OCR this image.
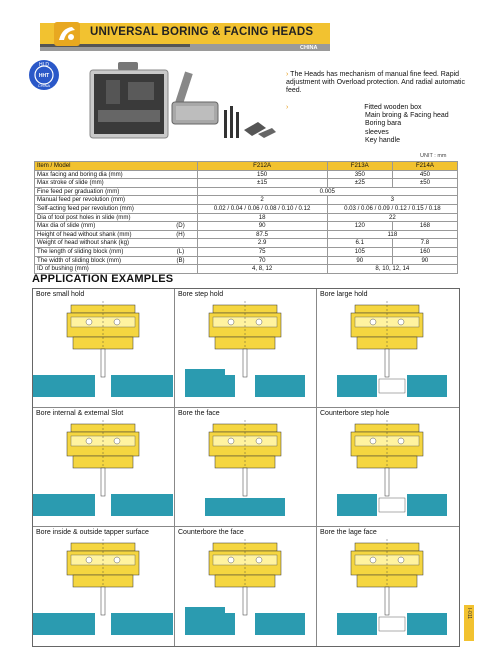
UNIVERSAL BORING & FACING HEADS
CHINA
HLD
HHT
CHINA
› The Heads has mechanism of manual fine feed. Rapid adjustment with Overload protection. And radial automatic feed.
›	Fitted wooden box
Main broing & Facing head
Boring bara
sleeves
Key handle
UNIT : mm
Item / Model		F212A	F213A	F214A
Max facing and boring dia (mm)		150	350	450
Max stroke of slide (mm)		±15	±25	±50
Fine feed per graduation (mm)		0.005		
Manual feed per revolution (mm)		2	3	
Self-acting feed per revolution (mm)		0.02 / 0.04 / 0.06 / 0.08 / 0.10 / 0.12	0.03 / 0.06 / 0.09 / 0.12 / 0.15 / 0.18	
Dia of tool post holes in slide (mm)		18	22	
Max dia of slide (mm)	(D)	90	120	168
Height of head without shank (mm)	(H)	87.5	118	
Weight of head without shank (kg)		2.9	6.1	7.8
The length of sliding block (mm)	(L)	75	105	160
The width of sliding block (mm)	(B)	70	90	90
ID of bushing (mm)		4, 8, 12	8, 10, 12, 14	
APPLICATION EXAMPLES
Bore small hold	Bore step hold	Bore large hold
Bore internal & external Slot	Bore the face	Counterbore step hole
Bore inside & outside tapper surface	Counterbore the face	Bore the lage face
I-011
